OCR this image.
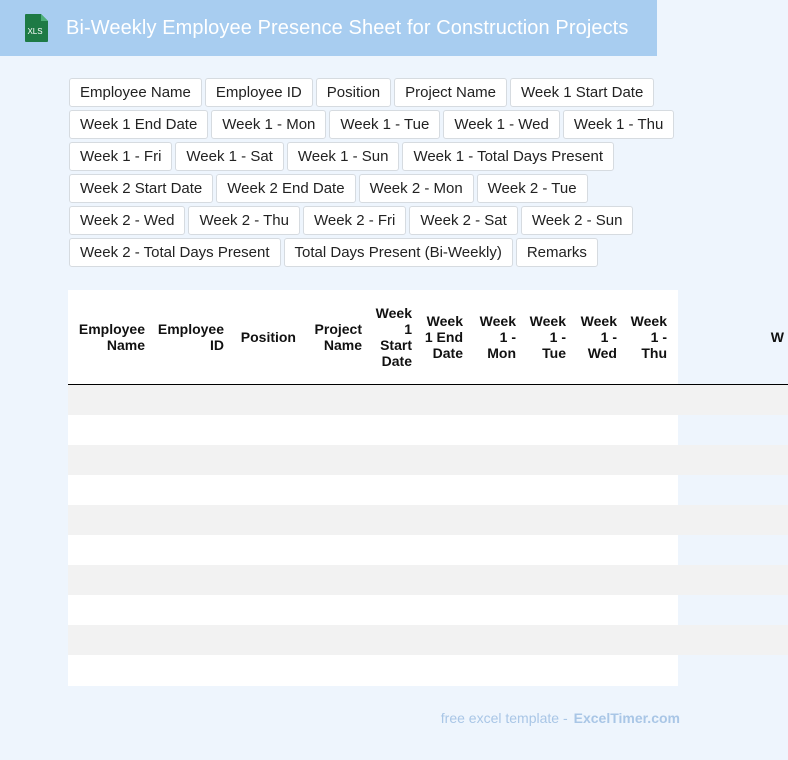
XLS Bi-Weekly Employee Presence Sheet for Construction Projects
Employee Name	Employee ID	Position	Project Name	Week 1 Start Date
Week 1 End Date	Week 1 - Mon	Week 1 - Tue	Week 1 - Wed	Week 1 - Thu
Week 1 - Fri	Week 1 - Sat	Week 1 - Sun	Week 1 - Total Days Present
Week 2 Start Date	Week 2 End Date	Week 2 - Mon	Week 2 - Tue
Week 2 - Wed	Week 2 - Thu	Week 2 - Fri	Week 2 - Sat	Week 2 - Sun
Week 2 - Total Days Present	Total Days Present (Bi-Weekly)	Remarks
Employee Name	Employee ID	Position	Project Name	Week 1 Start Date	Week 1 End Date	Week 1 - Mon	Week 1 - Tue	Week 1 - Wed	Week 1 - Thu	W

free excel template - ExcelTimer.com
